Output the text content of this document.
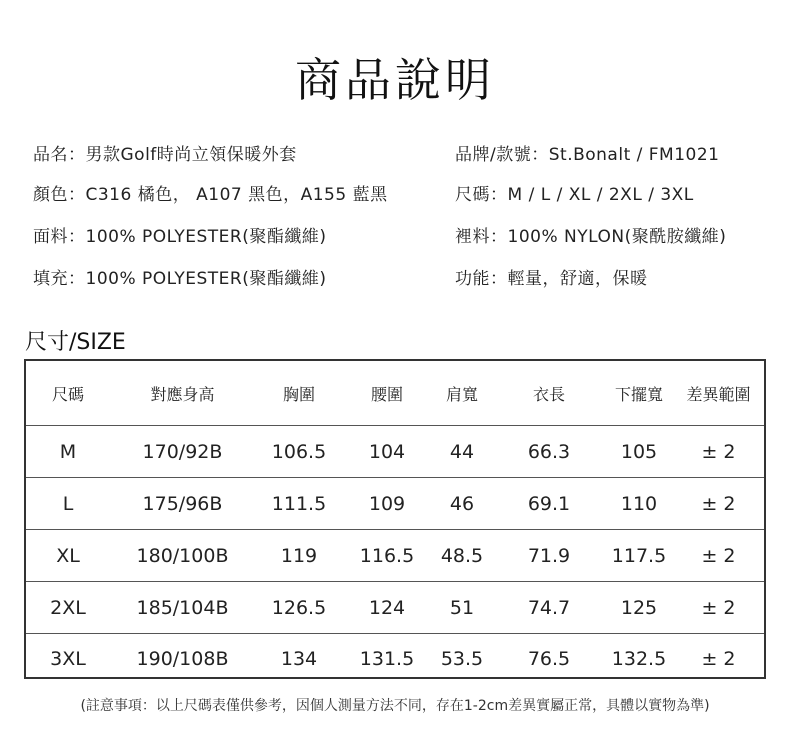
商品說明
品名 ： 男款Golf時尚立領保暖外套
顏色 ： C316 橘色， A107 黑色，A155 藍黑
面料 ： 100% POLYESTER(聚酯纖維)
填充 ： 100% POLYESTER(聚酯纖維)
品牌/款號 ： St.Bonalt / FM1021
尺碼 ： M / L / XL / 2XL / 3XL
裡料 ： 100% NYLON(聚酰胺纖維)
功能 ： 輕量，舒適，保暖
尺寸/SIZE
尺碼	對應身高	胸圍	腰圍	肩寬	衣長	下擺寬	差異範圍
M	170/92B	106.5	104	44	66.3	105	± 2
L	175/96B	111.5	109	46	69.1	110	± 2
XL	180/100B	119	116.5	48.5	71.9	117.5	± 2
2XL	185/104B	126.5	124	51	74.7	125	± 2
3XL	190/108B	134	131.5	53.5	76.5	132.5	± 2
(註意事項：以上尺碼表僅供參考，因個人測量方法不同，存在1-2cm差異實屬正常，具體以實物為準)
